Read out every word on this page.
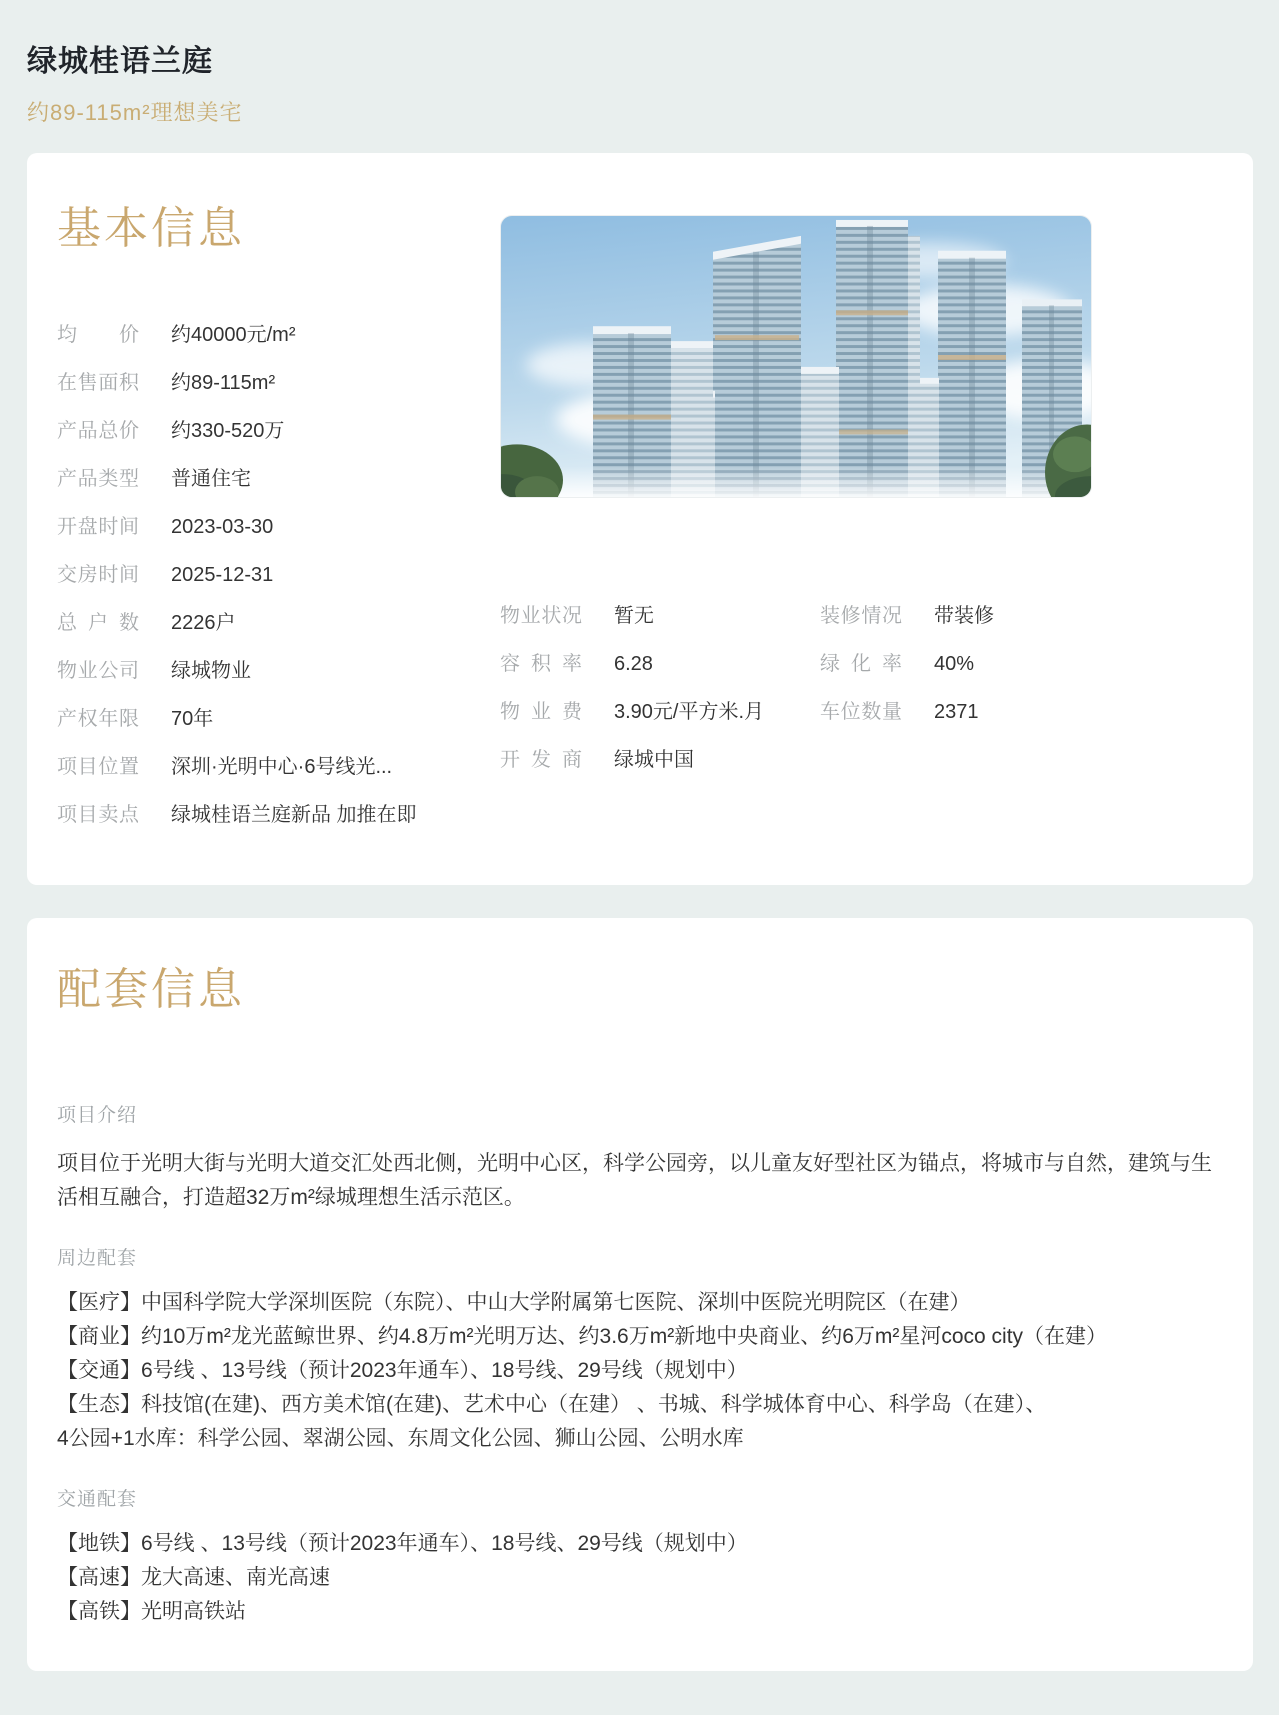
绿城桂语兰庭
约89-115m²理想美宅
基本信息
均价 约40000元/m²
在售面积 约89-115m²
产品总价 约330-520万
产品类型 普通住宅
开盘时间 2023-03-30
交房时间 2025-12-31
总户数 2226户
物业公司 绿城物业
产权年限 70年
项目位置 深圳·光明中心·6号线光...
项目卖点 绿城桂语兰庭新品 加推在即
物业状况 暂无
容积率 6.28
物业费 3.90元/平方米.月
开发商 绿城中国
装修情况 带装修
绿化率 40%
车位数量 2371
配套信息
项目介绍
项目位于光明大街与光明大道交汇处西北侧，光明中心区，科学公园旁，以儿童友好型社区为锚点，将城市与自然，建筑与生活相互融合，打造超32万m²绿城理想生活示范区。
周边配套
【医疗】中国科学院大学深圳医院（东院）、中山大学附属第七医院、深圳中医院光明院区（在建）
【商业】约10万m²龙光蓝鲸世界、约4.8万m²光明万达、约3.6万m²新地中央商业、约6万m²星河coco city（在建）
【交通】6号线 、13号线（预计2023年通车）、18号线、29号线（规划中）
【生态】科技馆(在建)、西方美术馆(在建)、艺术中心（在建） 、书城、科学城体育中心、科学岛（在建）、
4公园+1水库：科学公园、翠湖公园、东周文化公园、狮山公园、公明水库
交通配套
【地铁】6号线 、13号线（预计2023年通车）、18号线、29号线（规划中）
【高速】龙大高速、南光高速
【高铁】光明高铁站
